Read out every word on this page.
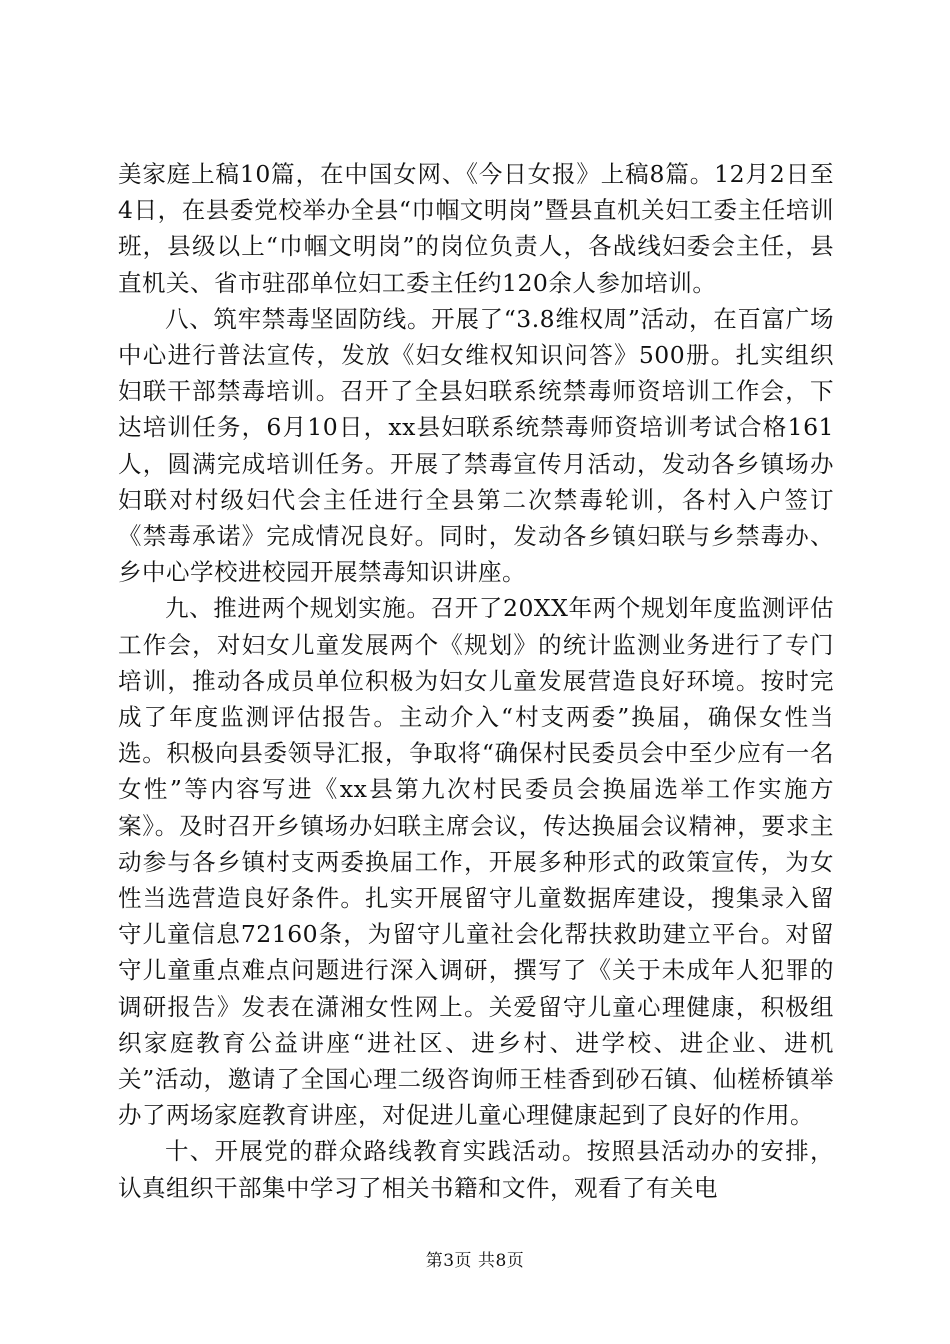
美家庭上稿10篇，在中国女网、《今日女报》上稿8篇。12月2日至4日，在县委党校举办全县“巾帼文明岗”暨县直机关妇工委主任培训班，县级以上“巾帼文明岗”的岗位负责人，各战线妇委会主任，县直机关、省市驻邵单位妇工委主任约120余人参加培训。

八、筑牢禁毒坚固防线。开展了“3.8维权周”活动，在百富广场中心进行普法宣传，发放《妇女维权知识问答》500册。扎实组织妇联干部禁毒培训。召开了全县妇联系统禁毒师资培训工作会，下达培训任务，6月10日，xx县妇联系统禁毒师资培训考试合格161人，圆满完成培训任务。开展了禁毒宣传月活动，发动各乡镇场办妇联对村级妇代会主任进行全县第二次禁毒轮训，各村入户签订《禁毒承诺》完成情况良好。同时，发动各乡镇妇联与乡禁毒办、乡中心学校进校园开展禁毒知识讲座。

九、推进两个规划实施。召开了20XX年两个规划年度监测评估工作会，对妇女儿童发展两个《规划》的统计监测业务进行了专门培训，推动各成员单位积极为妇女儿童发展营造良好环境。按时完成了年度监测评估报告。主动介入“村支两委”换届，确保女性当选。积极向县委领导汇报，争取将“确保村民委员会中至少应有一名女性”等内容写进《xx县第九次村民委员会换届选举工作实施方案》。及时召开乡镇场办妇联主席会议，传达换届会议精神，要求主动参与各乡镇村支两委换届工作，开展多种形式的政策宣传，为女性当选营造良好条件。扎实开展留守儿童数据库建设，搜集录入留守儿童信息72160条，为留守儿童社会化帮扶救助建立平台。对留守儿童重点难点问题进行深入调研，撰写了《关于未成年人犯罪的调研报告》发表在潇湘女性网上。关爱留守儿童心理健康，积极组织家庭教育公益讲座“进社区、进乡村、进学校、进企业、进机关”活动，邀请了全国心理二级咨询师王桂香到砂石镇、仙槎桥镇举办了两场家庭教育讲座，对促进儿童心理健康起到了良好的作用。

十、开展党的群众路线教育实践活动。按照县活动办的安排，认真组织干部集中学习了相关书籍和文件，观看了有关电

第3页 共8页
